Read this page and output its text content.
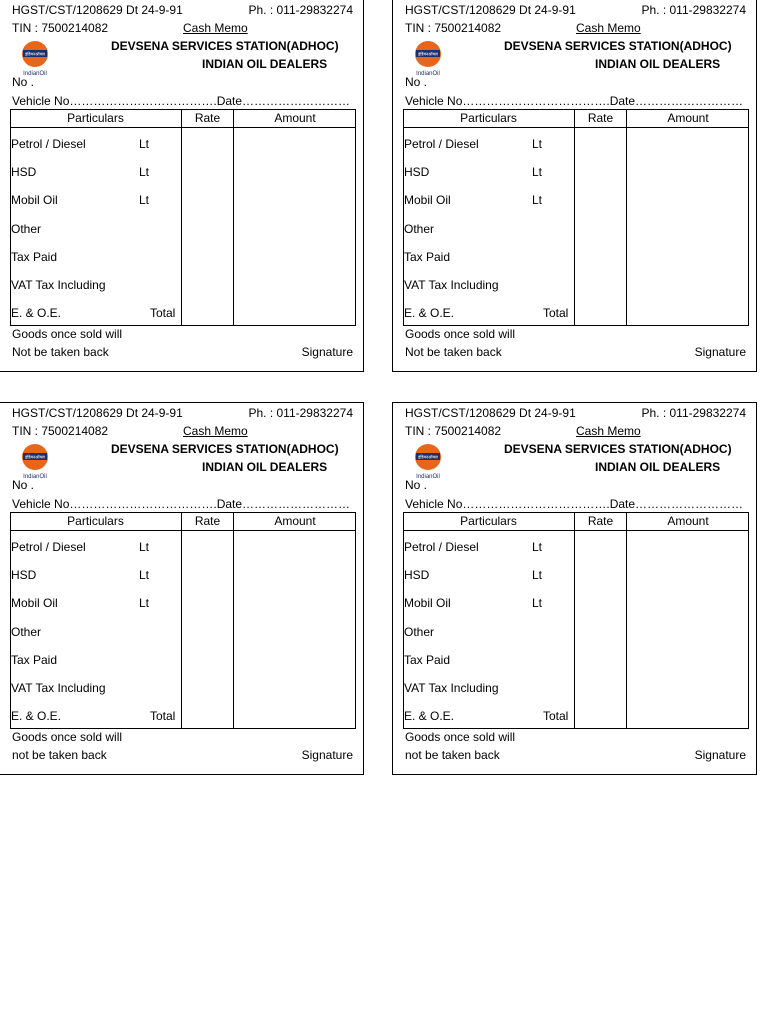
HGST/CST/1208629 Dt 24-9-91	Ph. : 011-29832274
TIN : 7500214082	Cash Memo
DEVSENA SERVICES STATION(ADHOC)
INDIAN OIL DEALERS
इंडियनऑयल
IndianOil
No .
Vehicle No……………………………….Date………………………
Particulars	Rate	Amount
Petrol / Diesel	Lt
HSD	Lt
Mobil Oil	Lt
Other
Tax Paid
VAT Tax Including
E. & O.E.	Total
Goods once sold will
Not be taken back	Signature
HGST/CST/1208629 Dt 24-9-91	Ph. : 011-29832274
TIN : 7500214082	Cash Memo
DEVSENA SERVICES STATION(ADHOC)
INDIAN OIL DEALERS
इंडियनऑयल
IndianOil
No .
Vehicle No……………………………….Date………………………
Particulars	Rate	Amount
Petrol / Diesel	Lt
HSD	Lt
Mobil Oil	Lt
Other
Tax Paid
VAT Tax Including
E. & O.E.	Total
Goods once sold will
Not be taken back	Signature
HGST/CST/1208629 Dt 24-9-91	Ph. : 011-29832274
TIN : 7500214082	Cash Memo
DEVSENA SERVICES STATION(ADHOC)
INDIAN OIL DEALERS
इंडियनऑयल
IndianOil
No .
Vehicle No……………………………….Date………………………
Particulars	Rate	Amount
Petrol / Diesel	Lt
HSD	Lt
Mobil Oil	Lt
Other
Tax Paid
VAT Tax Including
E. & O.E.	Total
Goods once sold will
not be taken back	Signature
HGST/CST/1208629 Dt 24-9-91	Ph. : 011-29832274
TIN : 7500214082	Cash Memo
DEVSENA SERVICES STATION(ADHOC)
INDIAN OIL DEALERS
इंडियनऑयल
IndianOil
No .
Vehicle No……………………………….Date………………………
Particulars	Rate	Amount
Petrol / Diesel	Lt
HSD	Lt
Mobil Oil	Lt
Other
Tax Paid
VAT Tax Including
E. & O.E.	Total
Goods once sold will
not be taken back	Signature
